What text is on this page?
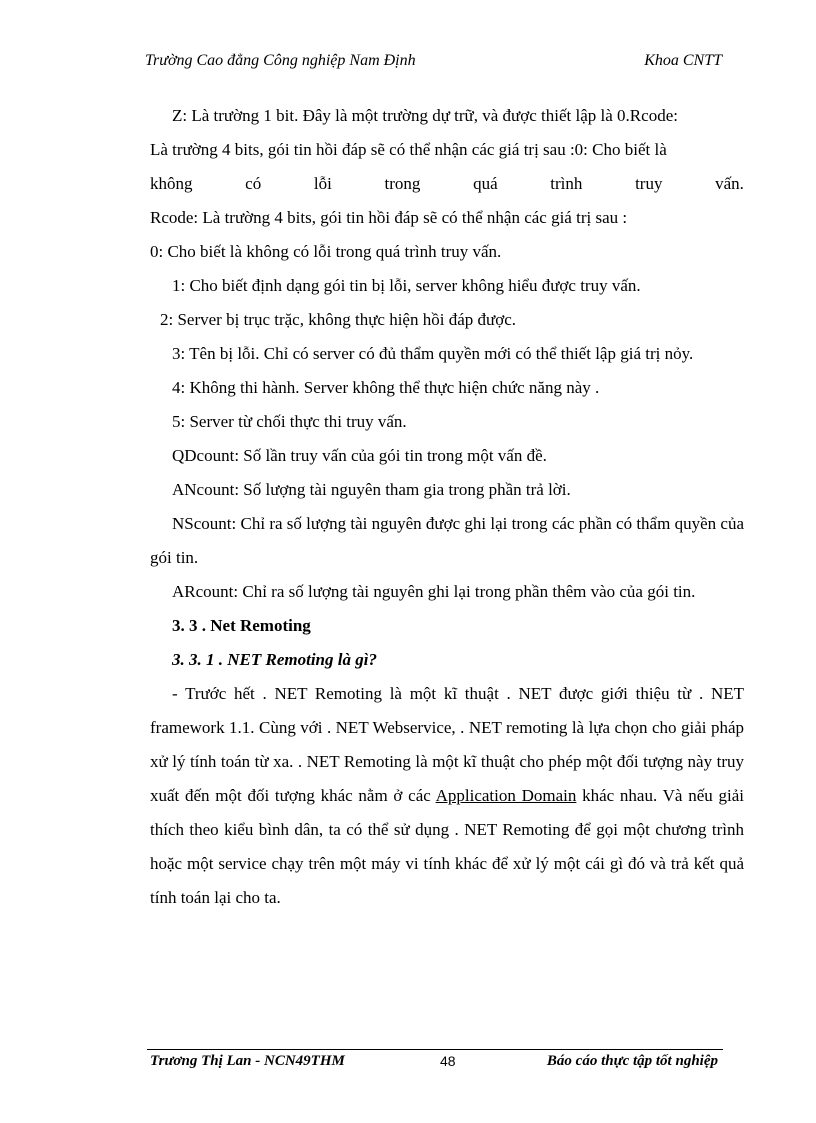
Trường Cao đẳng Công nghiệp Nam Định	Khoa CNTT

Z: Là trường 1 bit. Đây là một trường dự trữ, và được thiết lập là 0.Rcode:

Là trường 4 bits, gói tin hồi đáp sẽ có thể nhận các giá trị sau :0: Cho biết là

không	có	lỗi	trong	quá	trình	truy	vấn.

Rcode: Là trường 4 bits, gói tin hồi đáp sẽ có thể nhận các giá trị sau :

0: Cho biết là không có lỗi trong quá trình truy vấn.

1: Cho biết định dạng gói tin bị lỗi, server không hiểu được truy vấn.

2: Server bị trục trặc, không thực hiện hồi đáp được.

3: Tên bị lỗi. Chỉ có server có đủ thẩm quyền mới có thể thiết lập giá trị nỏy.

4: Không thi hành. Server không thể thực hiện chức năng này .

5: Server từ chối thực thi truy vấn.

QDcount: Số lần truy vấn của gói tin trong một vấn đề.

ANcount: Số lượng tài nguyên tham gia trong phần trả lời.

NScount: Chỉ ra số lượng tài nguyên được ghi lại trong các phần có thẩm quyền của gói tin.

ARcount: Chỉ ra số lượng tài nguyên ghi lại trong phần thêm vào của gói tin.

3. 3 . Net Remoting

3. 3. 1 . NET Remoting là gì?

- Trước hết . NET Remoting là một kĩ thuật . NET được giới thiệu từ . NET framework 1.1. Cùng với . NET Webservice, . NET remoting là lựa chọn cho giải pháp xử lý tính toán từ xa. . NET Remoting là một kĩ thuật cho phép một đối tượng này truy xuất đến một đối tượng khác nằm ở các Application Domain khác nhau. Và nếu giải thích theo kiểu bình dân, ta có thể sử dụng . NET Remoting để gọi một chương trình hoặc một service chạy trên một máy vi tính khác để xử lý một cái gì đó và trả kết quả tính toán lại cho ta.

Trương Thị Lan - NCN49THM	48	Báo cáo thực tập tốt nghiệp
